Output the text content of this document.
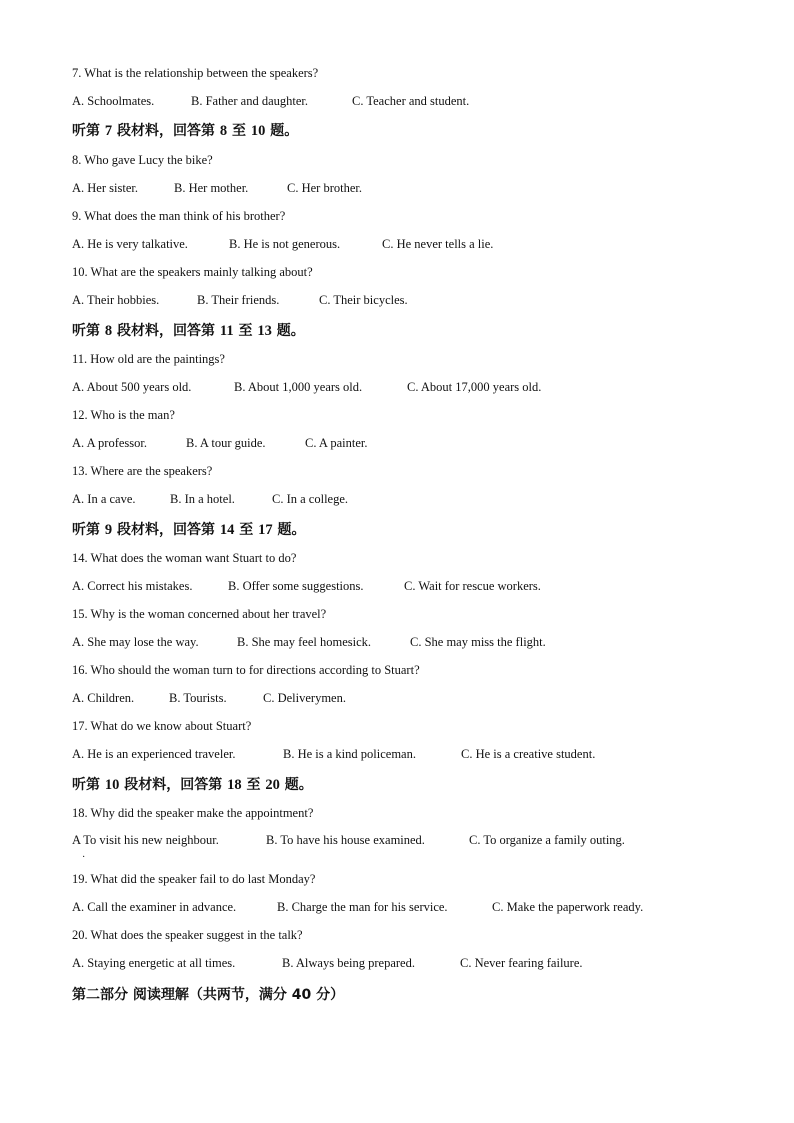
7. What is the relationship between the speakers?
A. Schoolmates.	B. Father and daughter.	C. Teacher and student.
听第 7 段材料，回答第 8 至 10 题。
8. Who gave Lucy the bike?
A. Her sister.	B. Her mother.	C. Her brother.
9. What does the man think of his brother?
A. He is very talkative.	B. He is not generous.	C. He never tells a lie.
10. What are the speakers mainly talking about?
A. Their hobbies.	B. Their friends.	C. Their bicycles.
听第 8 段材料，回答第 11 至 13 题。
11. How old are the paintings?
A. About 500 years old.	B. About 1,000 years old.	C. About 17,000 years old.
12. Who is the man?
A. A professor.	B. A tour guide.	C. A painter.
13. Where are the speakers?
A. In a cave.	B. In a hotel.	C. In a college.
听第 9 段材料，回答第 14 至 17 题。
14. What does the woman want Stuart to do?
A. Correct his mistakes.	B. Offer some suggestions.	C. Wait for rescue workers.
15. Why is the woman concerned about her travel?
A. She may lose the way.	B. She may feel homesick.	C. She may miss the flight.
16. Who should the woman turn to for directions according to Stuart?
A. Children.	B. Tourists.	C. Deliverymen.
17. What do we know about Stuart?
A. He is an experienced traveler.	B. He is a kind policeman.	C. He is a creative student.
听第 10 段材料，回答第 18 至 20 题。
18. Why did the speaker make the appointment?
A To visit his new neighbour.	B. To have his house examined.	C. To organize a family outing.
·
19. What did the speaker fail to do last Monday?
A. Call the examiner in advance.	B. Charge the man for his service.	C. Make the paperwork ready.
20. What does the speaker suggest in the talk?
A. Staying energetic at all times.	B. Always being prepared.	C. Never fearing failure.
第二部分 阅读理解（共两节，满分 40 分）
